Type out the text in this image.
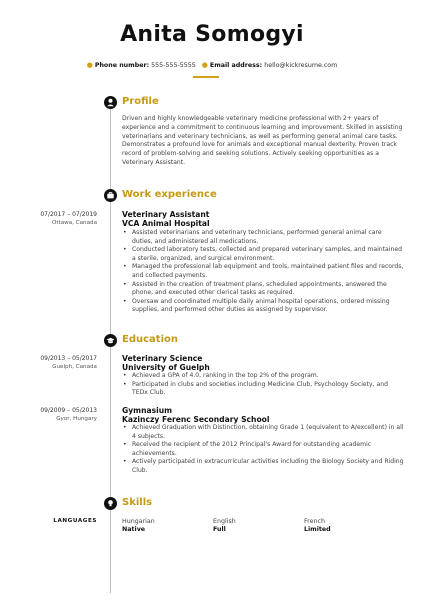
Anita Somogyi
● Phone number: 555-555-5555 ● Email address: hello@kickresume.com
Profile
Driven and highly knowledgeable veterinary medicine professional with 2+ years of experience and a commitment to continuous learning and improvement. Skilled in assisting veterinarians and veterinary technicians, as well as performing general animal care tasks. Demonstrates a profound love for animals and exceptional manual dexterity. Proven track record of problem-solving and seeking solutions. Actively seeking opportunities as a Veterinary Assistant.
Work experience
07/2017 – 07/2019
Ottawa, Canada
Veterinary Assistant
VCA Animal Hospital
• Assisted veterinarians and veterinary technicians, performed general animal care duties, and administered all medications.
• Conducted laboratory tests, collected and prepared veterinary samples, and maintained a sterile, organized, and surgical environment.
• Managed the professional lab equipment and tools, maintained patient files and records, and collected payments.
• Assisted in the creation of treatment plans, scheduled appointments, answered the phone, and executed other clerical tasks as required.
• Oversaw and coordinated multiple daily animal hospital operations, ordered missing supplies, and performed other duties as assigned by supervisor.
Education
09/2013 – 05/2017
Guelph, Canada
Veterinary Science
University of Guelph
• Achieved a GPA of 4.0, ranking in the top 2% of the program.
• Participated in clubs and societies including Medicine Club, Psychology Society, and TEDx Club.
09/2009 – 05/2013
Gyor, Hungary
Gymnasium
Kazinczy Ferenc Secondary School
• Achieved Graduation with Distinction, obtaining Grade 1 (equivalent to A/excellent) in all 4 subjects.
• Received the recipient of the 2012 Principal's Award for outstanding academic achievements.
• Actively participated in extracurricular activities including the Biology Society and Riding Club.
Skills
LANGUAGES	Hungarian
Native
English
Full
French
Limited
